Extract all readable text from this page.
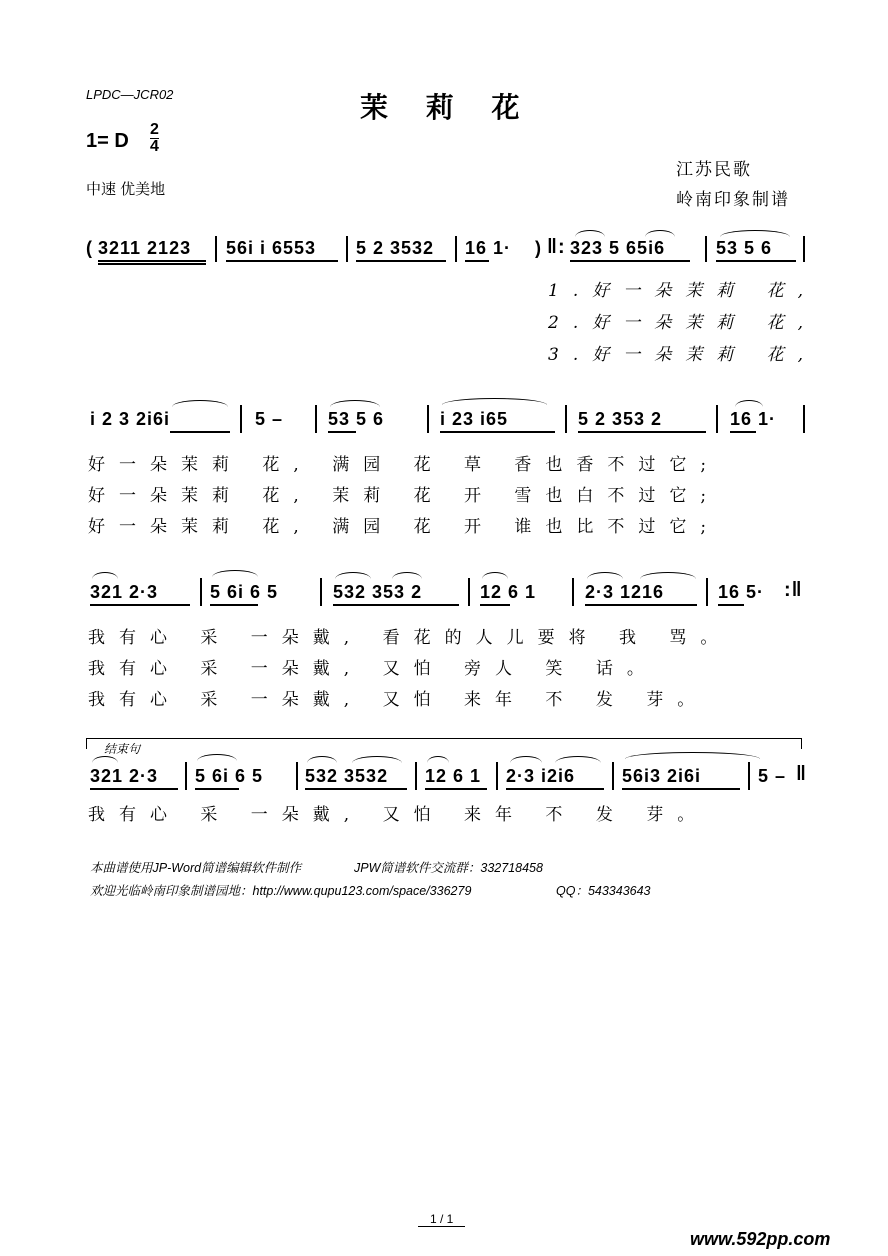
LPDC—JCR02	茉 莉 花
1= D
2
4
中速 优美地
江苏民歌
岭南印象制谱
( 3211 2123 56i i 6553 5 2 3532 16 1· ) ‖: 323 5 65i6	53 5 6
1.好一朵茉莉 花,
2.好一朵茉莉 花,
3.好一朵茉莉 花,
i 2 3 2i6i	5 – 53 5 6	i 23 i65	5 2 353 2	16 1·
好一朵茉莉 花, 满园 花 草 香也香不过它;
好一朵茉莉 花, 茉莉 花 开 雪也白不过它;
好一朵茉莉 花, 满园 花 开 谁也比不过它;
321 2·3	5 6i 6 5	532 353 2	12 6 1	2·3 1216	16 5· :‖
我有心 采 一朵戴, 看花的人儿要将 我 骂。
我有心 采 一朵戴, 又怕 旁人 笑 话。
我有心 采 一朵戴, 又怕 来年 不 发 芽。
结束句
321 2·3 5 6i 6 5 532 3532 12 6 1 2·3 i2i6	56i3 2i6i	5 – ‖
我有心 采 一朵戴, 又怕 来年 不 发 芽。
本曲谱使用JP-Word简谱编辑软件制作	JPW简谱软件交流群：332718458
欢迎光临岭南印象制谱园地：http://www.qupu123.com/space/336279	QQ：543343643
1 / 1
www.592pp.com
